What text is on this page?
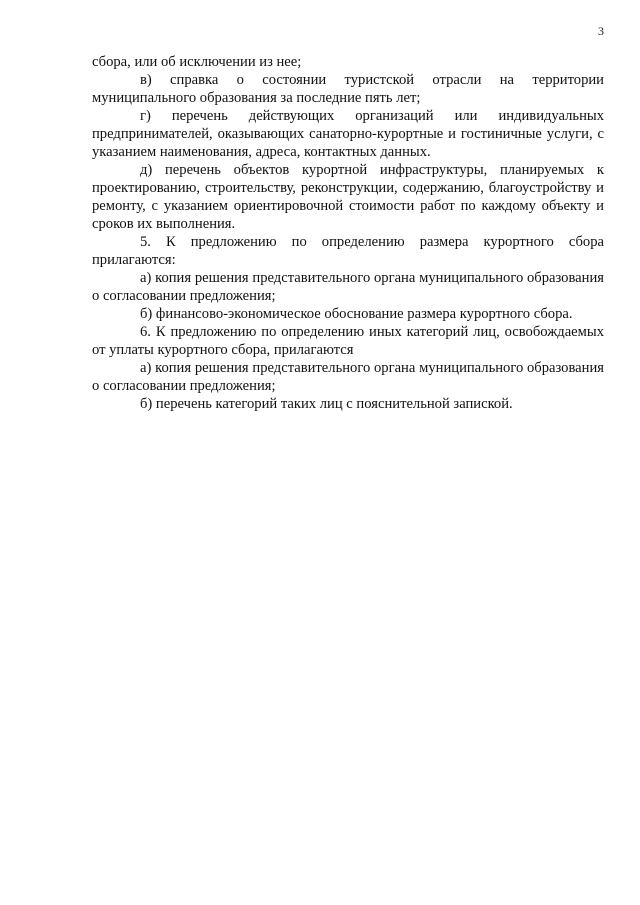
3

сбора, или об исключении из нее;

в) справка о состоянии туристской отрасли на территории муниципального образования за последние пять лет;

г) перечень действующих организаций или индивидуальных предпринимателей, оказывающих санаторно-курортные и гостиничные услуги, с указанием наименования, адреса, контактных данных.

д) перечень объектов курортной инфраструктуры, планируемых к проектированию, строительству, реконструкции, содержанию, благоустройству и ремонту, с указанием ориентировочной стоимости работ по каждому объекту и сроков их выполнения.

5. К предложению по определению размера курортного сбора прилагаются:

а) копия решения представительного органа муниципального образования о согласовании предложения;

б) финансово-экономическое обоснование размера курортного сбора.

6. К предложению по определению иных категорий лиц, освобождаемых от уплаты курортного сбора, прилагаются

а) копия решения представительного органа муниципального образования о согласовании предложения;

б) перечень категорий таких лиц с пояснительной запиской.
